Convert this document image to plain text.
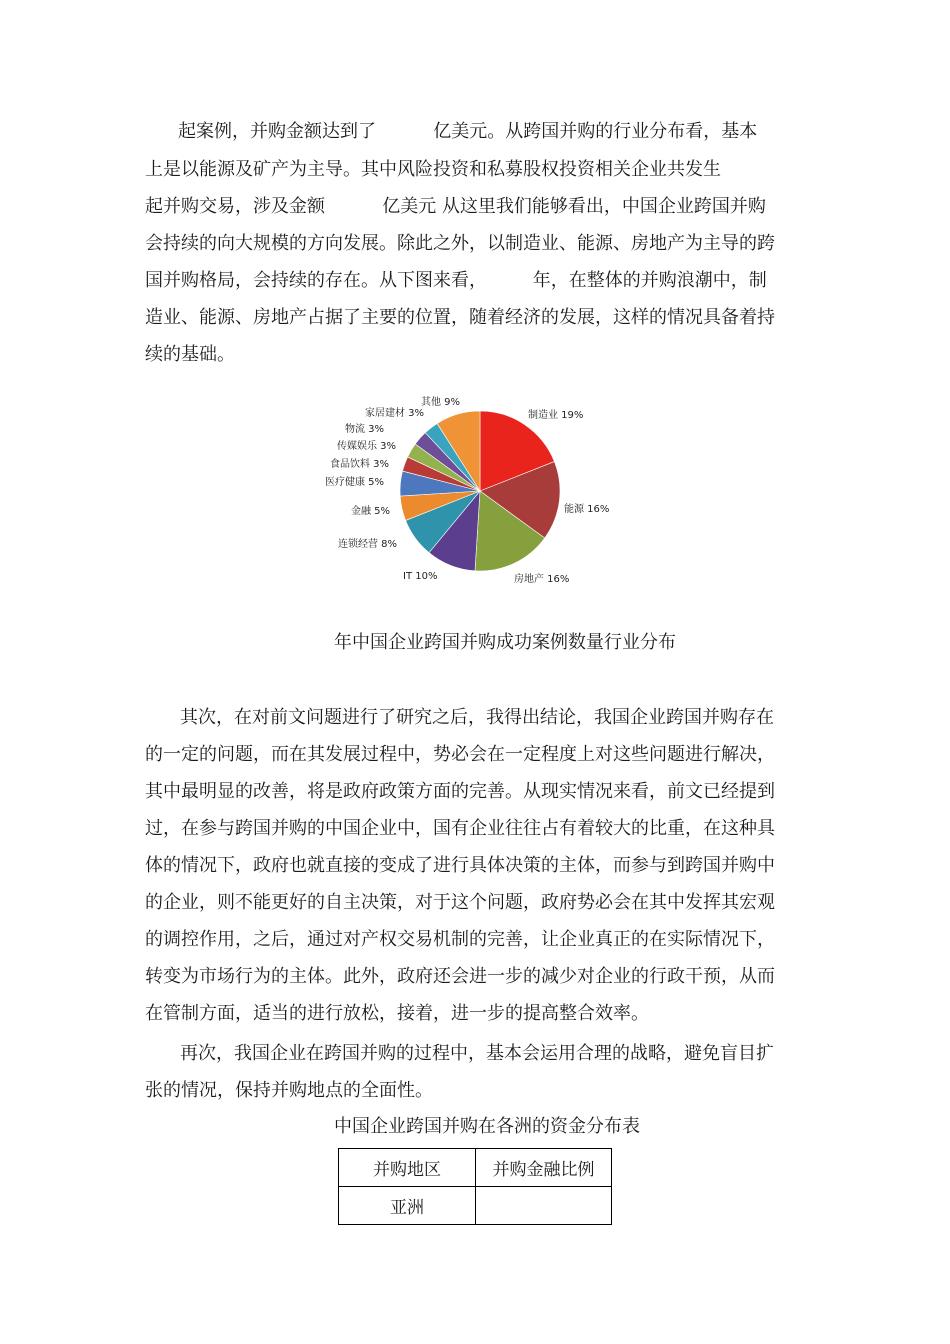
起案例，并购金额达到了          亿美元。从跨国并购的行业分布看，基本
上是以能源及矿产为主导。其中风险投资和私募股权投资相关企业共发生
起并购交易，涉及金额          亿美元 从这里我们能够看出，中国企业跨国并购
会持续的向大规模的方向发展。除此之外，以制造业、能源、房地产为主导的跨
国并购格局，会持续的存在。从下图来看，        年，在整体的并购浪潮中，制
造业、能源、房地产占据了主要的位置，随着经济的发展，这样的情况具备着持
续的基础。
制造业 19%
能源 16%
房地产 16%
IT 10%
连锁经营 8%
金融 5%
医疗健康 5%
食品饮料 3%
传媒娱乐 3%
物流 3%
家居建材 3%
其他 9%
年中国企业跨国并购成功案例数量行业分布
其次，在对前文问题进行了研究之后，我得出结论，我国企业跨国并购存在
的一定的问题，而在其发展过程中，势必会在一定程度上对这些问题进行解决，
其中最明显的改善，将是政府政策方面的完善。从现实情况来看，前文已经提到
过，在参与跨国并购的中国企业中，国有企业往往占有着较大的比重，在这种具
体的情况下，政府也就直接的变成了进行具体决策的主体，而参与到跨国并购中
的企业，则不能更好的自主决策，对于这个问题，政府势必会在其中发挥其宏观
的调控作用，之后，通过对产权交易机制的完善，让企业真正的在实际情况下，
转变为市场行为的主体。此外，政府还会进一步的减少对企业的行政干预，从而
在管制方面，适当的进行放松，接着，进一步的提高整合效率。
再次，我国企业在跨国并购的过程中，基本会运用合理的战略，避免盲目扩
张的情况，保持并购地点的全面性。
中国企业跨国并购在各洲的资金分布表
并购地区	并购金融比例
亚洲	
